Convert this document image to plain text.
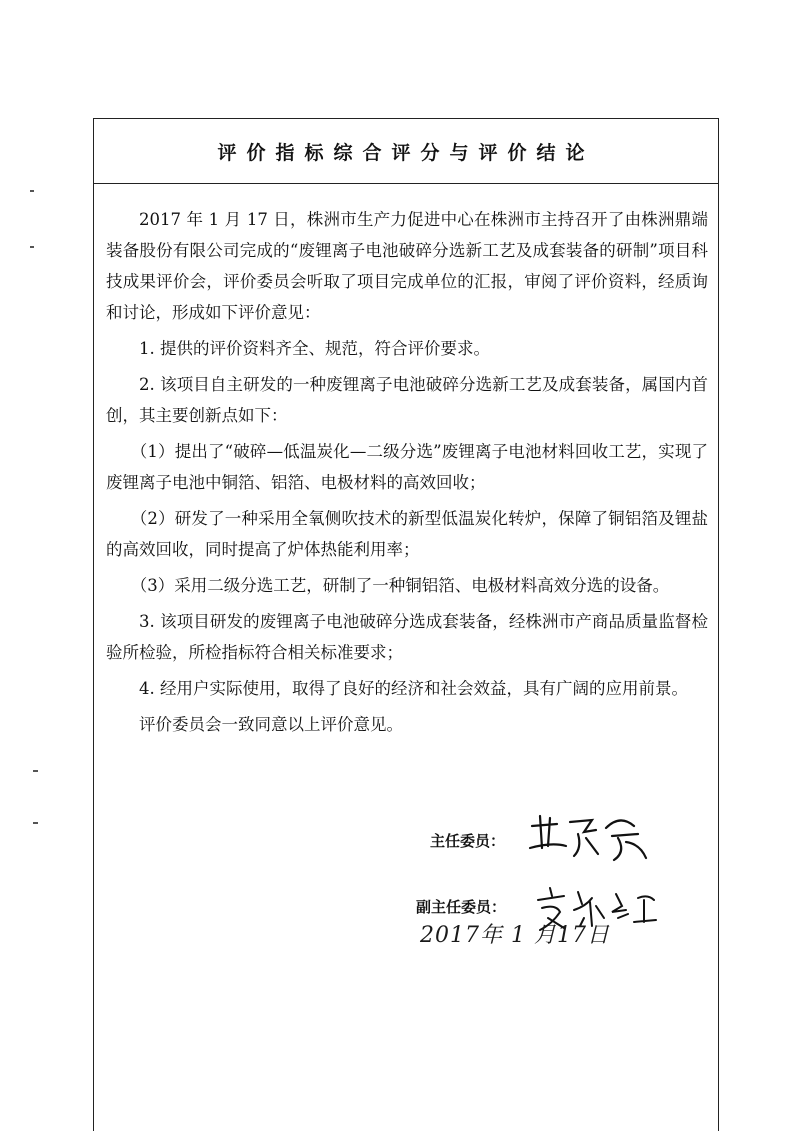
评价指标综合评分与评价结论

2017 年 1 月 17 日，株洲市生产力促进中心在株洲市主持召开了由株洲鼎端装备股份有限公司完成的“废锂离子电池破碎分选新工艺及成套装备的研制”项目科技成果评价会，评价委员会听取了项目完成单位的汇报，审阅了评价资料，经质询和讨论，形成如下评价意见：

1. 提供的评价资料齐全、规范，符合评价要求。

2. 该项目自主研发的一种废锂离子电池破碎分选新工艺及成套装备，属国内首创，其主要创新点如下：

（1）提出了“破碎—低温炭化—二级分选”废锂离子电池材料回收工艺，实现了废锂离子电池中铜箔、铝箔、电极材料的高效回收；

（2）研发了一种采用全氧侧吹技术的新型低温炭化转炉，保障了铜铝箔及锂盐的高效回收，同时提高了炉体热能利用率；

（3）采用二级分选工艺，研制了一种铜铝箔、电极材料高效分选的设备。

3. 该项目研发的废锂离子电池破碎分选成套装备，经株洲市产商品质量监督检验所检验，所检指标符合相关标准要求；

4. 经用户实际使用，取得了良好的经济和社会效益，具有广阔的应用前景。

评价委员会一致同意以上评价意见。

主任委员：
副主任委员：
2017年 1 月17日
